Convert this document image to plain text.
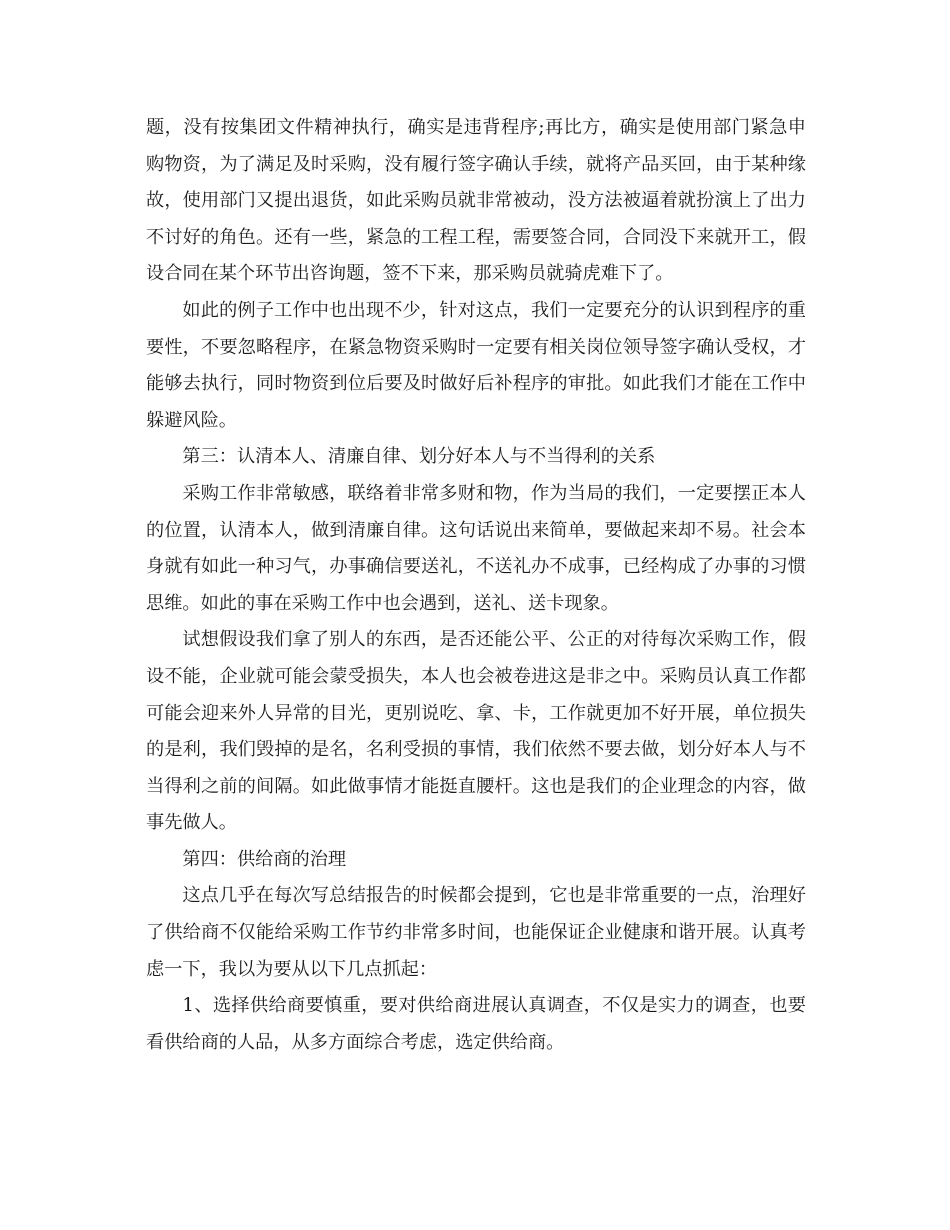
题，没有按集团文件精神执行，确实是违背程序;再比方，确实是使用部门紧急申购物资，为了满足及时采购，没有履行签字确认手续，就将产品买回，由于某种缘故，使用部门又提出退货，如此采购员就非常被动，没方法被逼着就扮演上了出力不讨好的角色。还有一些，紧急的工程工程，需要签合同，合同没下来就开工，假设合同在某个环节出咨询题，签不下来，那采购员就骑虎难下了。

如此的例子工作中也出现不少，针对这点，我们一定要充分的认识到程序的重要性，不要忽略程序，在紧急物资采购时一定要有相关岗位领导签字确认受权，才能够去执行，同时物资到位后要及时做好后补程序的审批。如此我们才能在工作中躲避风险。

第三：认清本人、清廉自律、划分好本人与不当得利的关系

采购工作非常敏感，联络着非常多财和物，作为当局的我们，一定要摆正本人的位置，认清本人，做到清廉自律。这句话说出来简单，要做起来却不易。社会本身就有如此一种习气，办事确信要送礼，不送礼办不成事，已经构成了办事的习惯思维。如此的事在采购工作中也会遇到，送礼、送卡现象。

试想假设我们拿了别人的东西，是否还能公平、公正的对待每次采购工作，假设不能，企业就可能会蒙受损失，本人也会被卷进这是非之中。采购员认真工作都可能会迎来外人异常的目光，更别说吃、拿、卡，工作就更加不好开展，单位损失的是利，我们毁掉的是名，名利受损的事情，我们依然不要去做，划分好本人与不当得利之前的间隔。如此做事情才能挺直腰杆。这也是我们的企业理念的内容，做事先做人。

第四：供给商的治理

这点几乎在每次写总结报告的时候都会提到，它也是非常重要的一点，治理好了供给商不仅能给采购工作节约非常多时间，也能保证企业健康和谐开展。认真考虑一下，我以为要从以下几点抓起：

1、选择供给商要慎重，要对供给商进展认真调查，不仅是实力的调查，也要看供给商的人品，从多方面综合考虑，选定供给商。
